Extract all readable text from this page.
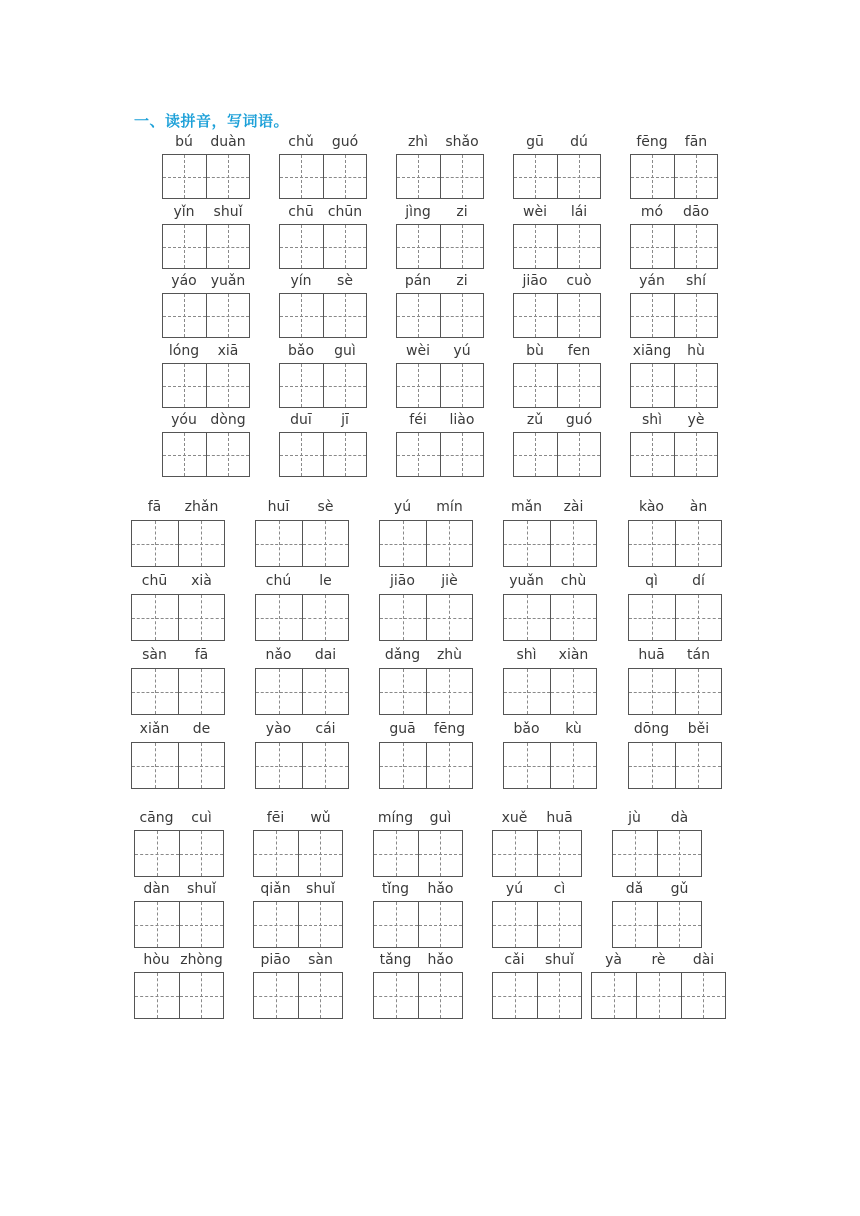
一、读拼音，写词语。
bú	duàn	chǔ	guó	zhì	shǎo	gū	dú	fēng	fān
yǐn	shuǐ	chū	chūn	jìng	zi	wèi	lái	mó	dāo
yáo yuǎn	yín	sè	pán	zi	jiāo	cuò	yán	shí
lóng	xiā	bǎo	guì	wèi	yú	bù	fen	xiāng	hù
yóu dòng	duī	jī	féi	liào	zǔ	guó	shì	yè
fā	zhǎn	huī	sè	yú	mín	mǎn	zài	kào	àn
chū	xià	chú	le	jiāo	jiè	yuǎn	chù	qì	dí
sàn	fā	nǎo	dai	dǎng	zhù	shì	xiàn	huā	tán
xiǎn	de	yào	cái	guā	fēng	bǎo	kù	dōng	běi
cāng	cuì	fēi	wǔ	míng	guì	xuě	huā	jù	dà
dàn	shuǐ	qiǎn	shuǐ	tǐng	hǎo	yú	cì	dǎ	gǔ
hòu zhòng	piāo	sàn	tǎng	hǎo	cǎi	shuǐ	yà	rè	dài
